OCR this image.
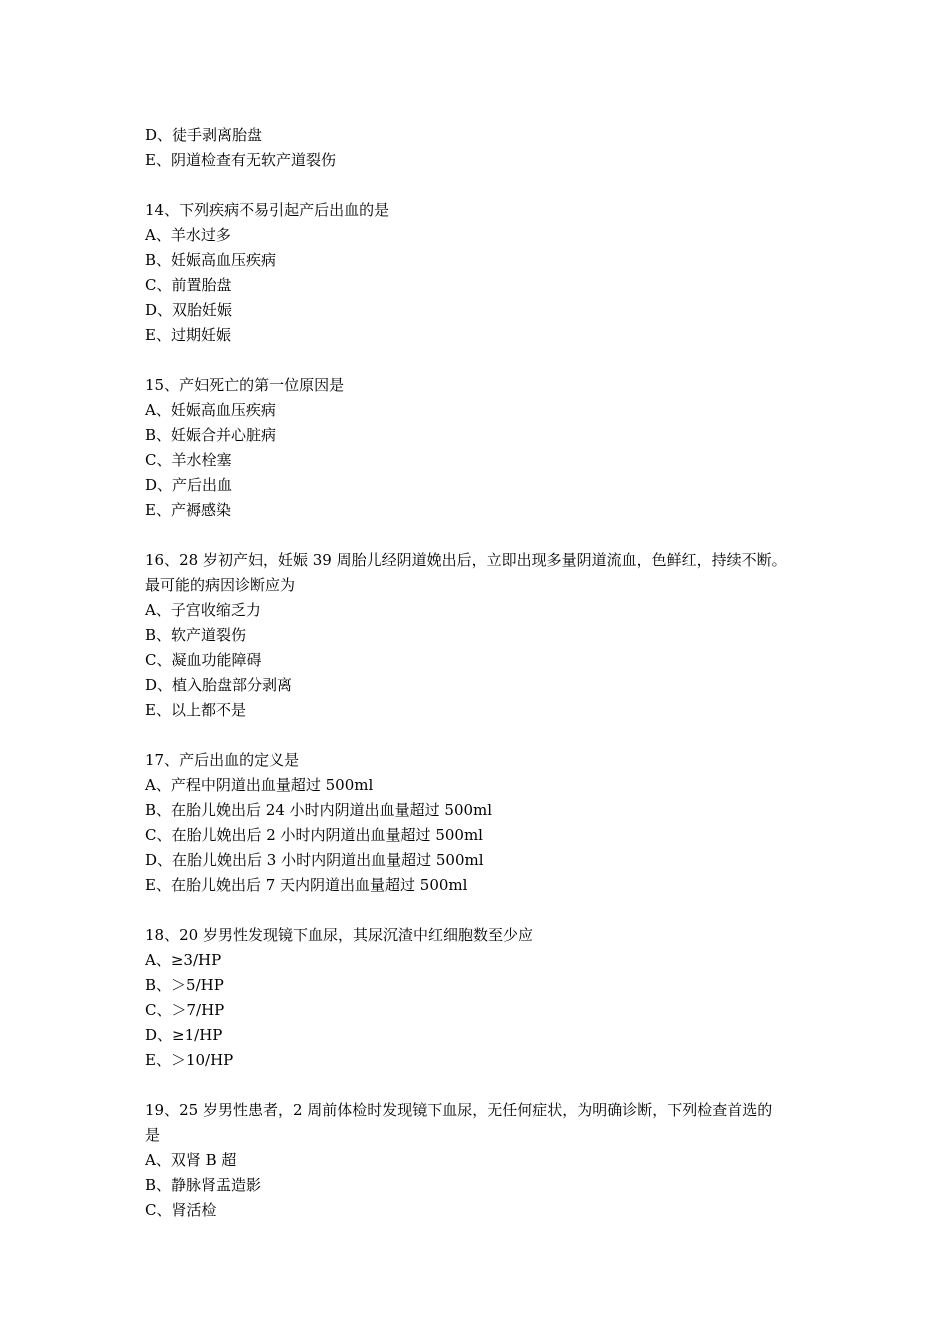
D、徒手剥离胎盘
E、阴道检查有无软产道裂伤
14、下列疾病不易引起产后出血的是
A、羊水过多
B、妊娠高血压疾病
C、前置胎盘
D、双胎妊娠
E、过期妊娠
15、产妇死亡的第一位原因是
A、妊娠高血压疾病
B、妊娠合并心脏病
C、羊水栓塞
D、产后出血
E、产褥感染
16、28 岁初产妇，妊娠 39 周胎儿经阴道娩出后，立即出现多量阴道流血，色鲜红，持续不断。
最可能的病因诊断应为
A、子宫收缩乏力
B、软产道裂伤
C、凝血功能障碍
D、植入胎盘部分剥离
E、以上都不是
17、产后出血的定义是
A、产程中阴道出血量超过 500ml
B、在胎儿娩出后 24 小时内阴道出血量超过 500ml
C、在胎儿娩出后 2 小时内阴道出血量超过 500ml
D、在胎儿娩出后 3 小时内阴道出血量超过 500ml
E、在胎儿娩出后 7 天内阴道出血量超过 500ml
18、20 岁男性发现镜下血尿，其尿沉渣中红细胞数至少应
A、≥3/HP
B、＞5/HP
C、＞7/HP
D、≥1/HP
E、＞10/HP
19、25 岁男性患者，2 周前体检时发现镜下血尿，无任何症状，为明确诊断，下列检查首选的
是
A、双肾 B 超
B、静脉肾盂造影
C、肾活检
